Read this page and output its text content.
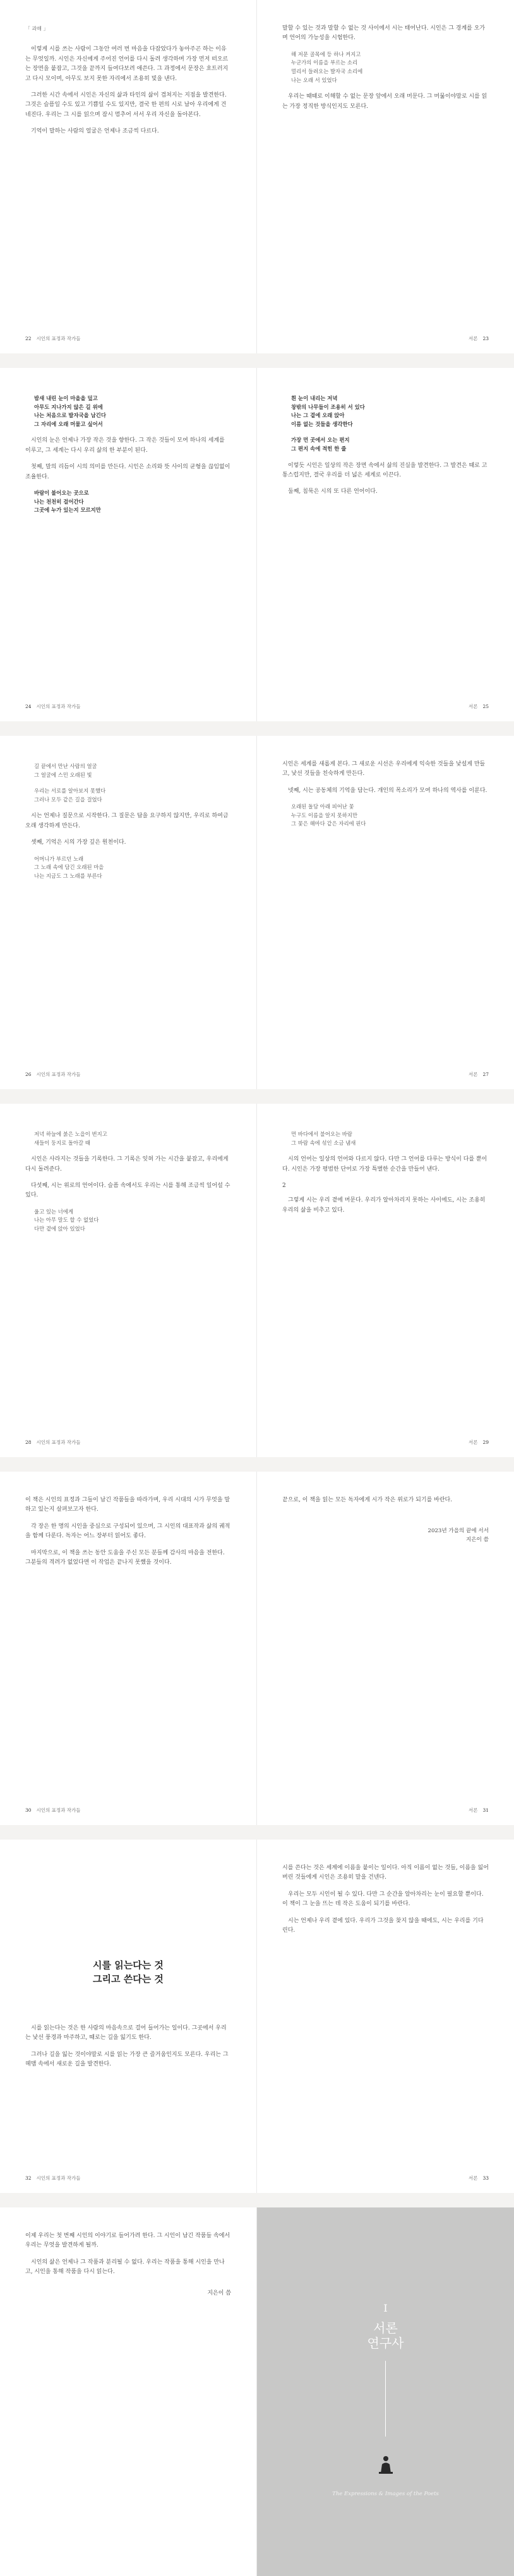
「 과해 」

이렇게 시를 쓰는 사람이 그동안 여러 번 마음을 다잡았다가 놓아주곤 하는 이유는 무엇일까. 시인은 자신에게 주어진 언어를 다시 돌려 생각하며 가장 먼저 떠오르는 장면을 붙잡고, 그것을 끝까지 들여다보려 애쓴다. 그 과정에서 문장은 흐트러지고 다시 모이며, 아무도 보지 못한 자리에서 조용히 빛을 낸다.

그러한 시간 속에서 시인은 자신의 삶과 타인의 삶이 겹쳐지는 지점을 발견한다. 그것은 슬픔일 수도 있고 기쁨일 수도 있지만, 결국 한 편의 시로 남아 우리에게 건네진다. 우리는 그 시를 읽으며 잠시 멈추어 서서 우리 자신을 돌아본다.

기억이 말하는 사람의 얼굴은 언제나 조금씩 다르다.

22 시인의 표정과 작가들

말할 수 있는 것과 말할 수 없는 것 사이에서 시는 태어난다. 시인은 그 경계를 오가며 언어의 가능성을 시험한다.

해 저문 골목에 등 하나 켜지고
누군가의 이름을 부르는 소리
멀리서 들려오는 발자국 소리에
나는 오래 서 있었다

우리는 때때로 이해할 수 없는 문장 앞에서 오래 머문다. 그 머묾이야말로 시를 읽는 가장 정직한 방식인지도 모른다.

서론 23
밤새 내린 눈이 마을을 덮고
아무도 지나가지 않은 길 위에
나는 처음으로 발자국을 남긴다
그 자리에 오래 머물고 싶어서

시인의 눈은 언제나 가장 작은 것을 향한다. 그 작은 것들이 모여 하나의 세계를 이루고, 그 세계는 다시 우리 삶의 한 부분이 된다.

첫째, 말의 리듬이 시의 의미를 만든다. 시인은 소리와 뜻 사이의 균형을 끊임없이 조율한다.

바람이 불어오는 곳으로
나는 천천히 걸어간다
그곳에 누가 있는지 모르지만
24 시인의 표정과 작가들
흰 눈이 내리는 저녁
창밖의 나무들이 조용히 서 있다
나는 그 곁에 오래 앉아
이름 없는 것들을 생각한다
가장 먼 곳에서 오는 편지
그 편지 속에 적힌 한 줄

이렇듯 시인은 일상의 작은 장면 속에서 삶의 진실을 발견한다. 그 발견은 때로 고통스럽지만, 결국 우리를 더 넓은 세계로 이끈다.

둘째, 침묵은 시의 또 다른 언어이다.

서론 25
길 끝에서 만난 사람의 얼굴
그 얼굴에 스민 오래된 빛
우리는 서로를 알아보지 못했다
그러나 모두 같은 길을 걸었다

시는 언제나 질문으로 시작한다. 그 질문은 답을 요구하지 않지만, 우리로 하여금 오래 생각하게 만든다.

셋째, 기억은 시의 가장 깊은 원천이다.

어머니가 부르던 노래
그 노래 속에 담긴 오래된 마을
나는 지금도 그 노래를 부른다
26 시인의 표정과 작가들

시인은 세계를 새롭게 본다. 그 새로운 시선은 우리에게 익숙한 것들을 낯설게 만들고, 낯선 것들을 친숙하게 만든다.

넷째, 시는 공동체의 기억을 담는다. 개인의 목소리가 모여 하나의 역사를 이룬다.

오래된 돌담 아래 피어난 꽃
누구도 이름을 알지 못하지만
그 꽃은 해마다 같은 자리에 핀다
서론 27
저녁 하늘에 붉은 노을이 번지고
새들이 둥지로 돌아갈 때

시인은 사라지는 것들을 기록한다. 그 기록은 잊혀 가는 시간을 붙잡고, 우리에게 다시 돌려준다.

다섯째, 시는 위로의 언어이다. 슬픔 속에서도 우리는 시를 통해 조금씩 일어설 수 있다.

울고 있는 너에게
나는 아무 말도 할 수 없었다
다만 곁에 앉아 있었다
28 시인의 표정과 작가들
먼 바다에서 불어오는 바람
그 바람 속에 섞인 소금 냄새

시의 언어는 일상의 언어와 다르지 않다. 다만 그 언어를 다루는 방식이 다를 뿐이다. 시인은 가장 평범한 단어로 가장 특별한 순간을 만들어 낸다.

2

그렇게 시는 우리 곁에 머문다. 우리가 알아차리지 못하는 사이에도, 시는 조용히 우리의 삶을 비추고 있다.

서론 29

이 책은 시인의 표정과 그들이 남긴 작품들을 따라가며, 우리 시대의 시가 무엇을 말하고 있는지 살펴보고자 한다.

각 장은 한 명의 시인을 중심으로 구성되어 있으며, 그 시인의 대표작과 삶의 궤적을 함께 다룬다. 독자는 어느 장부터 읽어도 좋다.

마지막으로, 이 책을 쓰는 동안 도움을 주신 모든 분들께 감사의 마음을 전한다. 그분들의 격려가 없었다면 이 작업은 끝나지 못했을 것이다.

30 시인의 표정과 작가들

끝으로, 이 책을 읽는 모든 독자에게 시가 작은 위로가 되기를 바란다.

2023년 가을의 끝에 서서
지은이 씀
서론 31
시를 읽는다는 것
그리고 쓴다는 것

시를 읽는다는 것은 한 사람의 마음속으로 걸어 들어가는 일이다. 그곳에서 우리는 낯선 풍경과 마주하고, 때로는 길을 잃기도 한다.

그러나 길을 잃는 것이야말로 시를 읽는 가장 큰 즐거움인지도 모른다. 우리는 그 헤맴 속에서 새로운 길을 발견한다.

32 시인의 표정과 작가들

시를 쓴다는 것은 세계에 이름을 붙이는 일이다. 아직 이름이 없는 것들, 이름을 잃어버린 것들에게 시인은 조용히 말을 건넨다.

우리는 모두 시인이 될 수 있다. 다만 그 순간을 알아차리는 눈이 필요할 뿐이다. 이 책이 그 눈을 뜨는 데 작은 도움이 되기를 바란다.

시는 언제나 우리 곁에 있다. 우리가 그것을 찾지 않을 때에도, 시는 우리를 기다린다.

서론 33

이제 우리는 첫 번째 시인의 이야기로 들어가려 한다. 그 시인이 남긴 작품들 속에서 우리는 무엇을 발견하게 될까.

시인의 삶은 언제나 그 작품과 분리될 수 없다. 우리는 작품을 통해 시인을 만나고, 시인을 통해 작품을 다시 읽는다.

지은이 씀
I
서론
연구사
The Expressions & Images of the Poets
